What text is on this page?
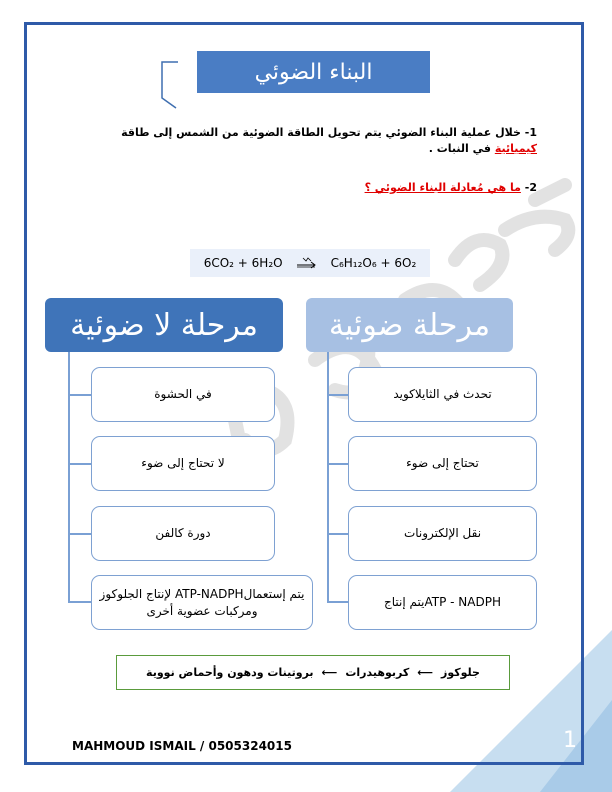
البناء الضوئي
1- خلال عملية البناء الضوئي يتم تحويل الطاقة الضوئية من الشمس إلى طاقة كيميائية في النبات .
2- ما هي مُعادلة البناء الضوئي ؟
6CO₂ + 6H₂O	C₆H₁₂O₆ + 6O₂
مرحلة لا ضوئية
في الحشوة
لا تحتاج إلى ضوء
دورة كالفن
يتم إستعمالATP-NADPH لإنتاج الجلوكوز ومركبات عضوية أخرى
مرحلة ضوئية
تحدث في الثايلاكويد
تحتاج إلى ضوء
نقل الإلكترونات
ATP - NADPHيتم إنتاج
جلوكوز
⟵
كربوهيدرات
⟵
بروتينات ودهون وأحماض نووية
MAHMOUD ISMAIL / 0505324015	1
